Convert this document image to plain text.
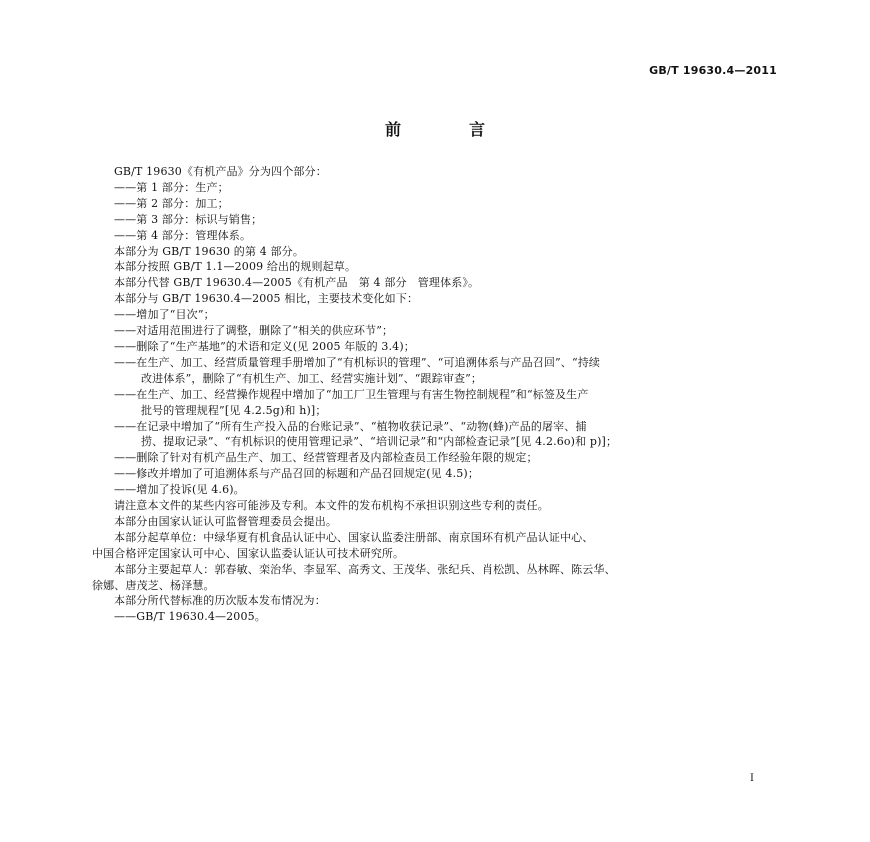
GB/T 19630.4—2011
前　言

GB/T 19630《有机产品》分为四个部分：

——第 1 部分：生产；

——第 2 部分：加工；

——第 3 部分：标识与销售；

——第 4 部分：管理体系。

本部分为 GB/T 19630 的第 4 部分。

本部分按照 GB/T 1.1—2009 给出的规则起草。

本部分代替 GB/T 19630.4—2005《有机产品　第 4 部分　管理体系》。

本部分与 GB/T 19630.4—2005 相比，主要技术变化如下：

——增加了“目次”；

——对适用范围进行了调整，删除了“相关的供应环节”；

——删除了“生产基地”的术语和定义(见 2005 年版的 3.4)；

——在生产、加工、经营质量管理手册增加了“有机标识的管理”、“可追溯体系与产品召回”、“持续

改进体系”，删除了“有机生产、加工、经营实施计划”、“跟踪审查”；

——在生产、加工、经营操作规程中增加了“加工厂卫生管理与有害生物控制规程”和“标签及生产

批号的管理规程”[见 4.2.5g)和 h)]；

——在记录中增加了“所有生产投入品的台账记录”、“植物收获记录”、“动物(蜂)产品的屠宰、捕

捞、提取记录”、“有机标识的使用管理记录”、“培训记录”和“内部检查记录”[见 4.2.6o)和 p)]；

——删除了针对有机产品生产、加工、经营管理者及内部检查员工作经验年限的规定；

——修改并增加了可追溯体系与产品召回的标题和产品召回规定(见 4.5)；

——增加了投诉(见 4.6)。

请注意本文件的某些内容可能涉及专利。本文件的发布机构不承担识别这些专利的责任。

本部分由国家认证认可监督管理委员会提出。

本部分起草单位：中绿华夏有机食品认证中心、国家认监委注册部、南京国环有机产品认证中心、

中国合格评定国家认可中心、国家认监委认证认可技术研究所。

本部分主要起草人：郭春敏、栾治华、李显军、高秀文、王茂华、张纪兵、肖松凯、丛林晖、陈云华、

徐娜、唐茂芝、杨泽慧。

本部分所代替标准的历次版本发布情况为：

——GB/T 19630.4—2005。

I
